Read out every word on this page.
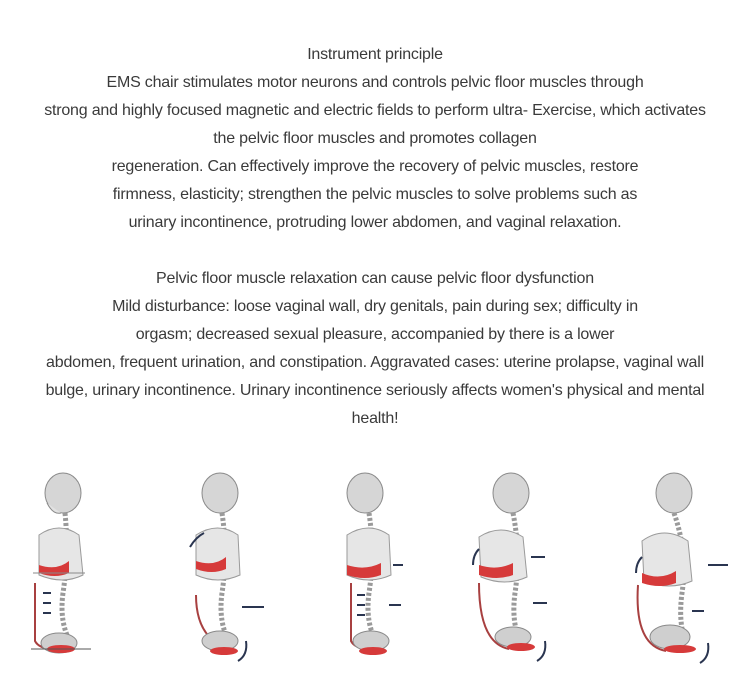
Instrument principle

EMS chair stimulates motor neurons and controls pelvic floor muscles through

strong and highly focused magnetic and electric fields to perform ultra- Exercise, which activates

the pelvic floor muscles and promotes collagen

regeneration. Can effectively improve the recovery of pelvic muscles, restore

firmness, elasticity; strengthen the pelvic muscles to solve problems such as

urinary incontinence, protruding lower abdomen, and vaginal relaxation.

Pelvic floor muscle relaxation can cause pelvic floor dysfunction

Mild disturbance: loose vaginal wall, dry genitals, pain during sex; difficulty in

orgasm; decreased sexual pleasure, accompanied by there is a lower

abdomen, frequent urination, and constipation. Aggravated cases: uterine prolapse, vaginal wall

bulge, urinary incontinence. Urinary incontinence seriously affects women's physical and mental

health!
